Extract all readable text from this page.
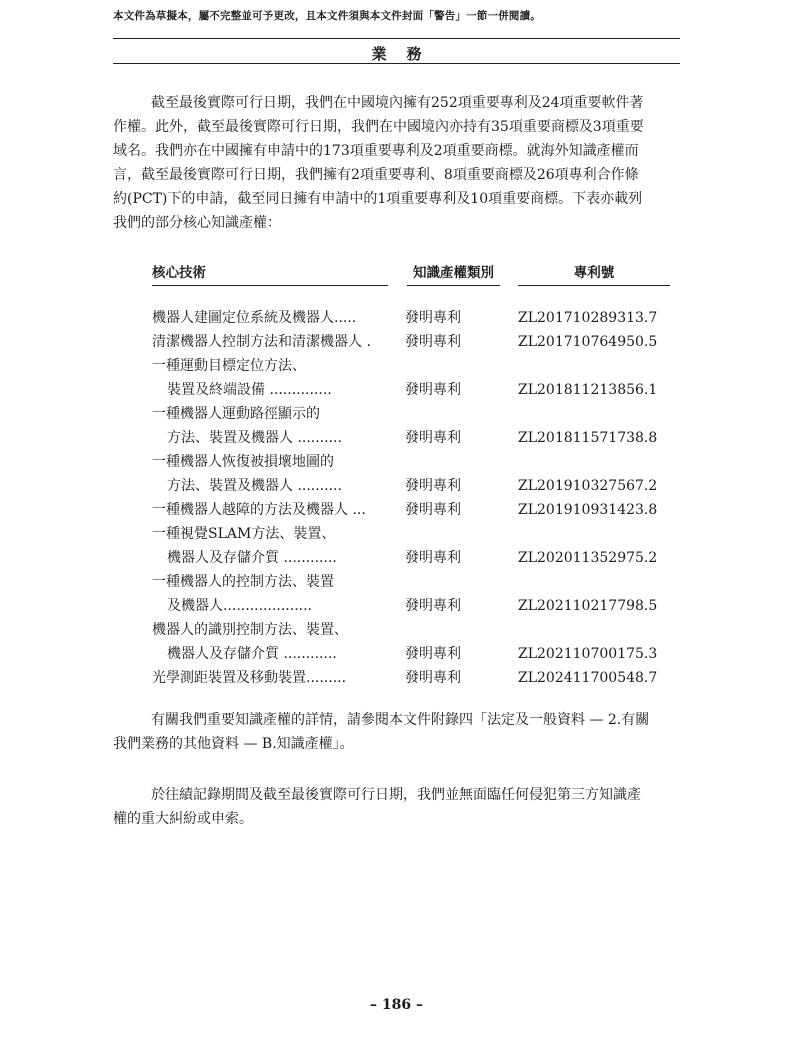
本文件為草擬本，屬不完整並可予更改，且本文件須與本文件封面「警告」一節一併閱讀。
業務

截至最後實際可行日期，我們在中國境內擁有252項重要專利及24項重要軟件著
作權。此外，截至最後實際可行日期，我們在中國境內亦持有35項重要商標及3項重要
域名。我們亦在中國擁有申請中的173項重要專利及2項重要商標。就海外知識產權而
言，截至最後實際可行日期，我們擁有2項重要專利、8項重要商標及26項專利合作條
約(PCT)下的申請，截至同日擁有申請中的1項重要專利及10項重要商標。下表亦載列
我們的部分核心知識產權：

核心技術	知識產權類別	專利號
機器人建圖定位系統及機器人.....	發明專利	ZL201710289313.7
清潔機器人控制方法和清潔機器人 .	發明專利	ZL201710764950.5
一種運動目標定位方法、
裝置及終端設備 ..............	發明專利	ZL201811213856.1
一種機器人運動路徑顯示的
方法、裝置及機器人 ..........	發明專利	ZL201811571738.8
一種機器人恢復被損壞地圖的
方法、裝置及機器人 ..........	發明專利	ZL201910327567.2
一種機器人越障的方法及機器人 ...	發明專利	ZL201910931423.8
一種視覺SLAM方法、裝置、
機器人及存儲介質 ............	發明專利	ZL202011352975.2
一種機器人的控制方法、裝置
及機器人....................	發明專利	ZL202110217798.5
機器人的識別控制方法、裝置、
機器人及存儲介質 ............	發明專利	ZL202110700175.3
光學測距裝置及移動裝置.........	發明專利	ZL202411700548.7

有關我們重要知識產權的詳情，請參閱本文件附錄四「法定及一般資料 — 2.有關
我們業務的其他資料 — B.知識產權」。

於往績記錄期間及截至最後實際可行日期，我們並無面臨任何侵犯第三方知識產
權的重大糾紛或申索。

– 186 –
